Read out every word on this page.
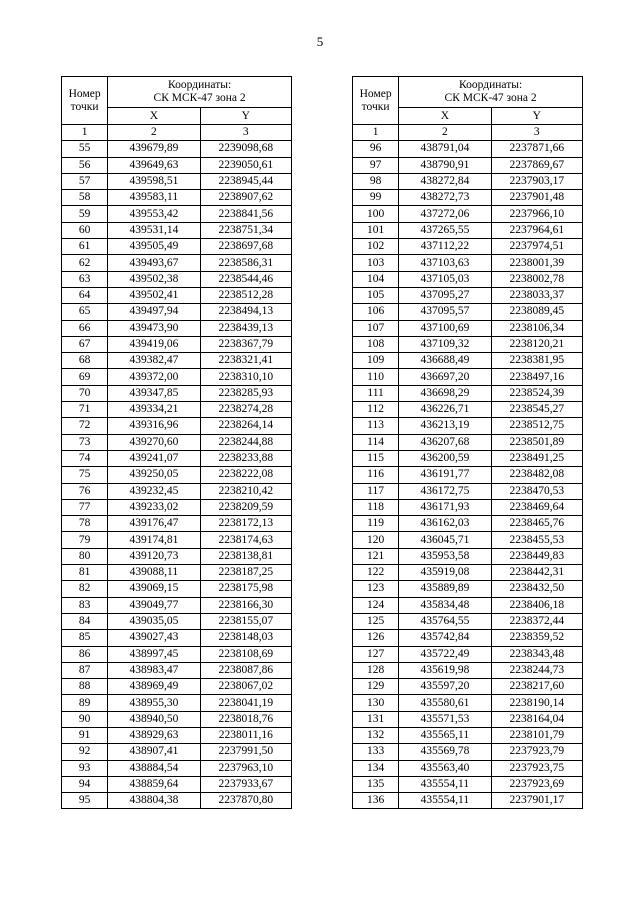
5
Номер
точки	Координаты:
СК МСК-47 зона 2	

	X	Y
1	2	3
55	439679,89	2239098,68
56	439649,63	2239050,61
57	439598,51	2238945,44
58	439583,11	2238907,62
59	439553,42	2238841,56
60	439531,14	2238751,34
61	439505,49	2238697,68
62	439493,67	2238586,31
63	439502,38	2238544,46
64	439502,41	2238512,28
65	439497,94	2238494,13
66	439473,90	2238439,13
67	439419,06	2238367,79
68	439382,47	2238321,41
69	439372,00	2238310,10
70	439347,85	2238285,93
71	439334,21	2238274,28
72	439316,96	2238264,14
73	439270,60	2238244,88
74	439241,07	2238233,88
75	439250,05	2238222,08
76	439232,45	2238210,42
77	439233,02	2238209,59
78	439176,47	2238172,13
79	439174,81	2238174,63
80	439120,73	2238138,81
81	439088,11	2238187,25
82	439069,15	2238175,98
83	439049,77	2238166,30
84	439035,05	2238155,07
85	439027,43	2238148,03
86	438997,45	2238108,69
87	438983,47	2238087,86
88	438969,49	2238067,02
89	438955,30	2238041,19
90	438940,50	2238018,76
91	438929,63	2238011,16
92	438907,41	2237991,50
93	438884,54	2237963,10
94	438859,64	2237933,67
95	438804,38	2237870,80
Номер
точки	Координаты:
СК МСК-47 зона 2	

	X	Y
1	2	3
96	438791,04	2237871,66
97	438790,91	2237869,67
98	438272,84	2237903,17
99	438272,73	2237901,48
100	437272,06	2237966,10
101	437265,55	2237964,61
102	437112,22	2237974,51
103	437103,63	2238001,39
104	437105,03	2238002,78
105	437095,27	2238033,37
106	437095,57	2238089,45
107	437100,69	2238106,34
108	437109,32	2238120,21
109	436688,49	2238381,95
110	436697,20	2238497,16
111	436698,29	2238524,39
112	436226,71	2238545,27
113	436213,19	2238512,75
114	436207,68	2238501,89
115	436200,59	2238491,25
116	436191,77	2238482,08
117	436172,75	2238470,53
118	436171,93	2238469,64
119	436162,03	2238465,76
120	436045,71	2238455,53
121	435953,58	2238449,83
122	435919,08	2238442,31
123	435889,89	2238432,50
124	435834,48	2238406,18
125	435764,55	2238372,44
126	435742,84	2238359,52
127	435722,49	2238343,48
128	435619,98	2238244,73
129	435597,20	2238217,60
130	435580,61	2238190,14
131	435571,53	2238164,04
132	435565,11	2238101,79
133	435569,78	2237923,79
134	435563,40	2237923,75
135	435554,11	2237923,69
136	435554,11	2237901,17
